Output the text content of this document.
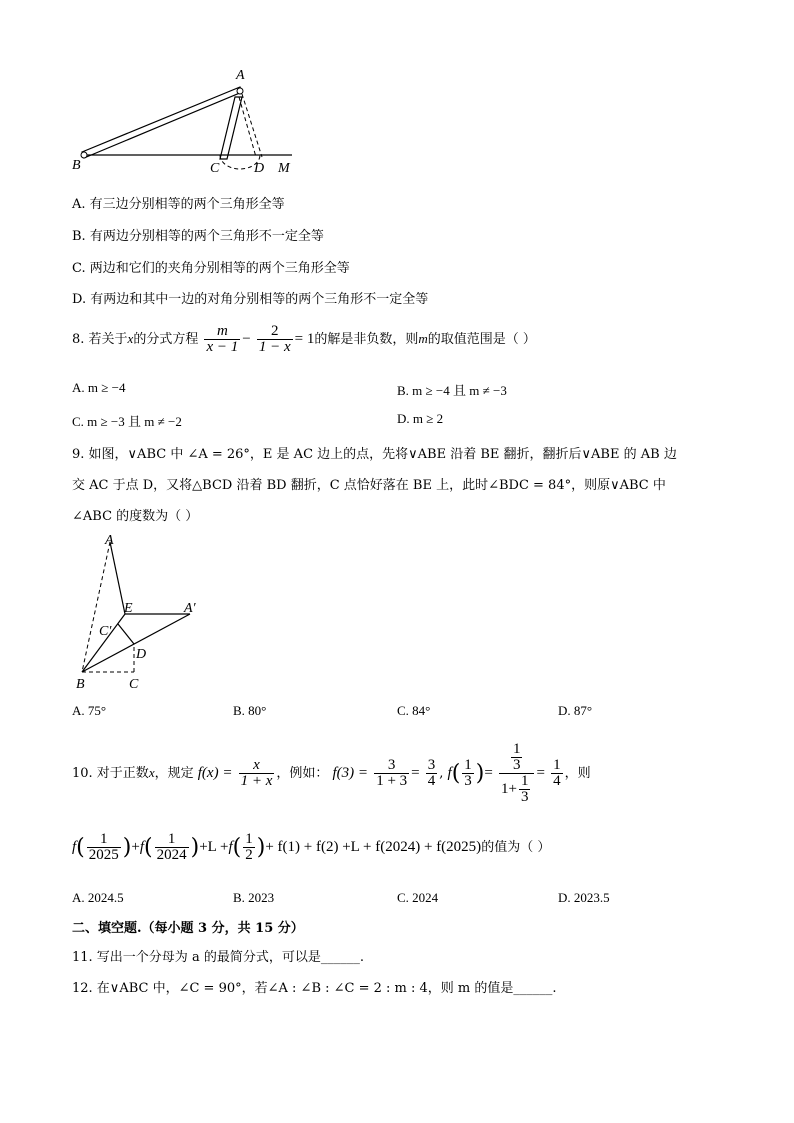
A
B	C D M
A. 有三边分别相等的两个三角形全等
B. 有两边分别相等的两个三角形不一定全等
C. 两边和它们的夹角分别相等的两个三角形全等
D. 有两边和其中一边的对角分别相等的两个三角形不一定全等
8. 若关于x的分式方程 $\frac{m}{x - 1} - \frac{2}{1 - x} = 1$的解是非负数，则m的取值范围是（ ）
A. m ≥ −4	B. m ≥ −4 且 m ≠ −3
C. m ≥ −3 且 m ≠ −2	D. m ≥ 2
9. 如图，∨ABC 中 ∠A = 26°，E 是 AC 边上的点，先将∨ABE 沿着 BE 翻折，翻折后∨ABE 的 AB 边
交 AC 于点 D，又将△BCD 沿着 BD 翻折，C 点恰好落在 BE 上，此时∠BDC = 84°，则原∨ABC 中
∠ABC 的度数为（ ）
A
E	A′
C′
D
B	C
A. 75°	B. 80°	C. 84°	D. 87°
10. 对于正数x，规定 $f(x) = \frac{x}{1 + x}$ ，例如： $f(3) = \frac{3}{1 + 3} = \frac{3}{4}$ , $f( \frac{1}{3}$ )= $\frac{\frac{1}{3}}{1+ \frac{1}{3}} = \frac{1}{4}$ ，则
$f( \frac{1}{2025} )+f( \frac{1}{2024} )+L +f( \frac{1}{2}$ )+ f(1) + f(2) +L + f(2024) + f(2025)的值为（ ）
A. 2024.5	B. 2023	C. 2024	D. 2023.5
二、填空题.（每小题 3 分，共 15 分）
11. 写出一个分母为 a 的最简分式，可以是______.
12. 在∨ABC 中，∠C = 90°，若∠A : ∠B : ∠C = 2 : m : 4，则 m 的值是______.
